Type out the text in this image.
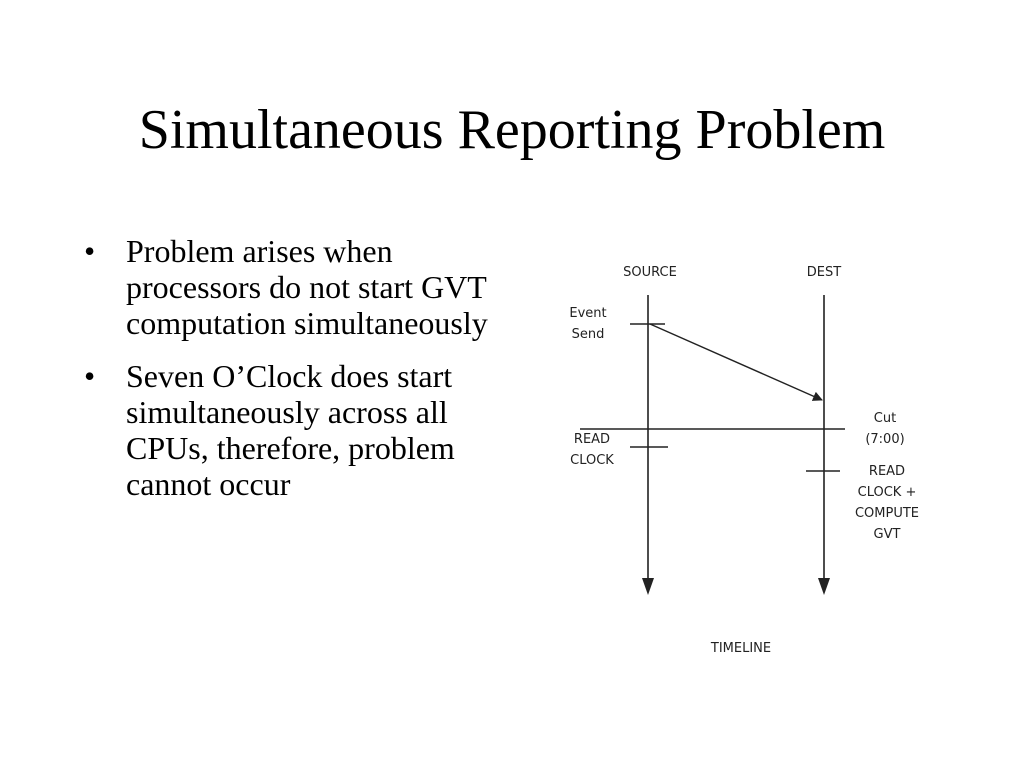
Simultaneous Reporting Problem
• Problem arises when processors do not start GVT computation simultaneously
• Seven O’Clock does start simultaneously across all CPUs, therefore, problem cannot occur
SOURCE	DEST
Event
Send
Cut
(7:00)
READ
CLOCK
READ
CLOCK +
COMPUTE
GVT
TIMELINE
